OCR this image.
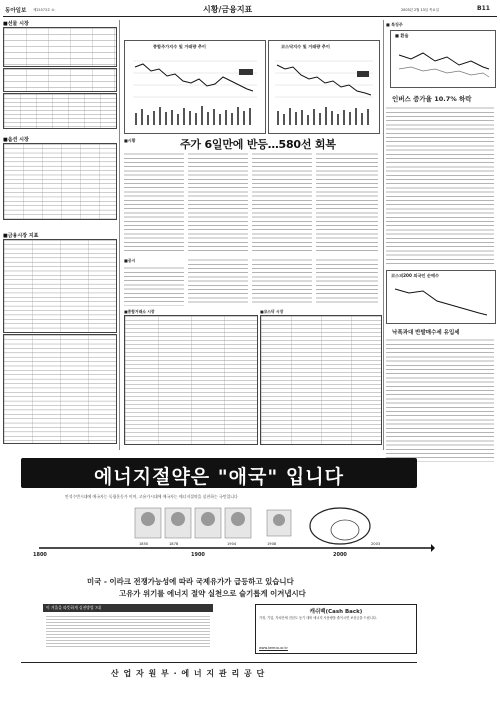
동아일보 제25573호 ④	시황/금융지표	2003년 2월 13일 목요일	B11
■선물 시장
■옵션 시장
■금융시장 지표
종합주가지수 및 거래량 추이	코스닥지수 및 거래량 추이
■시황	주가 6일만에 반등…580선 회복
■공시
■종합거래소 시장	■코스닥 시장
■ 특징주
■ 환율
인버스 증가율 10.7% 하락
코스피200 외국인 순매수
낙폭과대 반발매수세 유입세
에너지절약은 "애국" 입니다
안석수반시대에 애국자는 독립운동가 이며, 고유가시대에 애국자는 에너지절약을 실천하는 국민입니다
1800
1850	1878
1900
1904	1908
2000
2003
미국 - 이라크 전쟁가능성에 따라 국제유가가 급등하고 있습니다
고유가 위기를 에너지 절약 실천으로 슬기롭게 이겨냅시다
이 겨울을 따뜻하게 실천방법 7대
캐쉬백(Cash Back)
가정, 기업, 자치단체 전년도 동기 대비 에너지 사용량을 줄이시면 보상금을 드립니다.
www.kemco.or.kr
산 업 자 원 부 · 에 너 지 관 리 공 단
